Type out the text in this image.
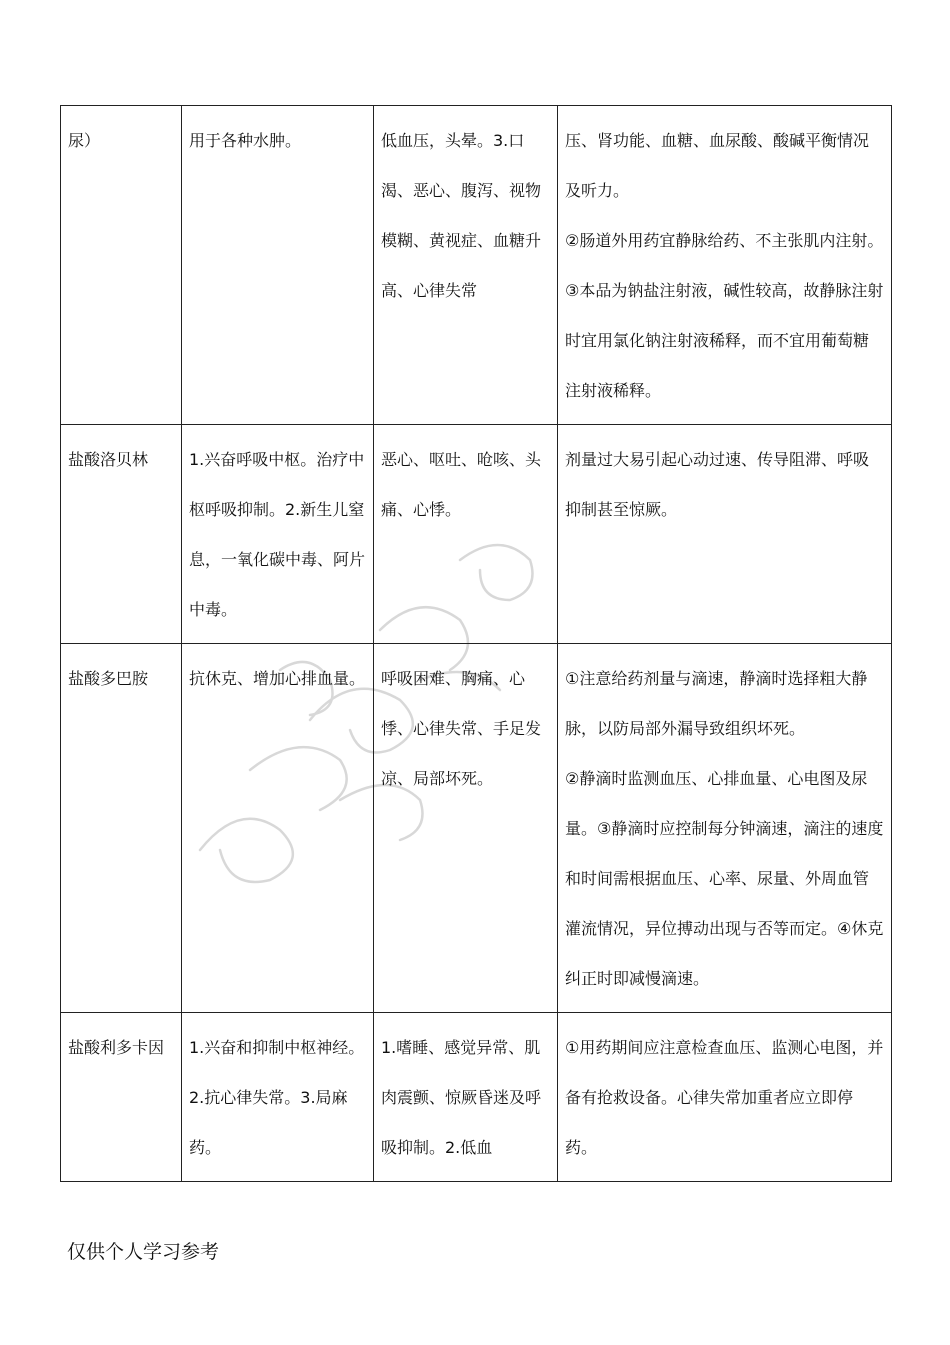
尿）	用于各种水肿。	低血压，头晕。3.口渴、恶心、腹泻、视物模糊、黄视症、血糖升高、心律失常	压、肾功能、血糖、血尿酸、酸碱平衡情况及听力。

②肠道外用药宜静脉给药、不主张肌内注射。

③本品为钠盐注射液，碱性较高，故静脉注射时宜用氯化钠注射液稀释，而不宜用葡萄糖注射液稀释。

盐酸洛贝林	1.兴奋呼吸中枢。治疗中枢呼吸抑制。2.新生儿窒息，一氧化碳中毒、阿片中毒。	恶心、呕吐、呛咳、头痛、心悸。	剂量过大易引起心动过速、传导阻滞、呼吸抑制甚至惊厥。

盐酸多巴胺	抗休克、增加心排血量。	呼吸困难、胸痛、心悸、心律失常、手足发凉、局部坏死。	①注意给药剂量与滴速，静滴时选择粗大静脉，以防局部外漏导致组织坏死。

②静滴时监测血压、心排血量、心电图及尿量。③静滴时应控制每分钟滴速，滴注的速度和时间需根据血压、心率、尿量、外周血管灌流情况，异位搏动出现与否等而定。④休克纠正时即减慢滴速。

盐酸利多卡因	1.兴奋和抑制中枢神经。2.抗心律失常。3.局麻药。	1.嗜睡、感觉异常、肌肉震颤、惊厥昏迷及呼吸抑制。2.低血	①用药期间应注意检查血压、监测心电图，并备有抢救设备。心律失常加重者应立即停药。

仅供个人学习参考
